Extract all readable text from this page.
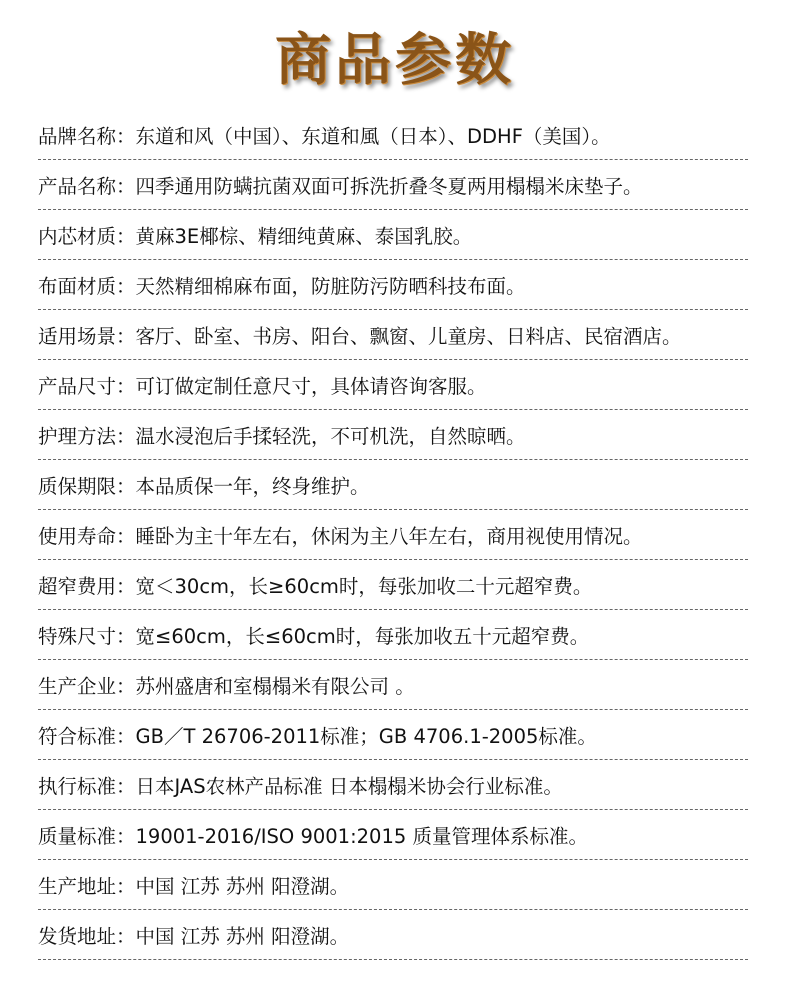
商品参数
品牌名称： 东道和风（中国）、东道和風（日本）、DDHF（美国）。
产品名称： 四季通用防螨抗菌双面可拆洗折叠冬夏两用榻榻米床垫子。
内芯材质： 黄麻3E椰棕、精细纯黄麻、泰国乳胶。
布面材质： 天然精细棉麻布面，防脏防污防晒科技布面。
适用场景： 客厅、卧室、书房、阳台、飘窗、儿童房、日料店、民宿酒店。
产品尺寸： 可订做定制任意尺寸，具体请咨询客服。
护理方法： 温水浸泡后手揉轻洗，不可机洗，自然晾晒。
质保期限： 本品质保一年，终身维护。
使用寿命： 睡卧为主十年左右，休闲为主八年左右，商用视使用情况。
超窄费用： 宽＜30cm，长≥60cm时，每张加收二十元超窄费。
特殊尺寸： 宽≤60cm，长≤60cm时，每张加收五十元超窄费。
生产企业： 苏州盛唐和室榻榻米有限公司 。
符合标准： GB／T 26706-2011标准；GB 4706.1-2005标准。
执行标准： 日本JAS农林产品标准 日本榻榻米协会行业标准。
质量标准： 19001-2016/ISO 9001:2015 质量管理体系标准。
生产地址： 中国 江苏 苏州 阳澄湖。
发货地址： 中国 江苏 苏州 阳澄湖。
